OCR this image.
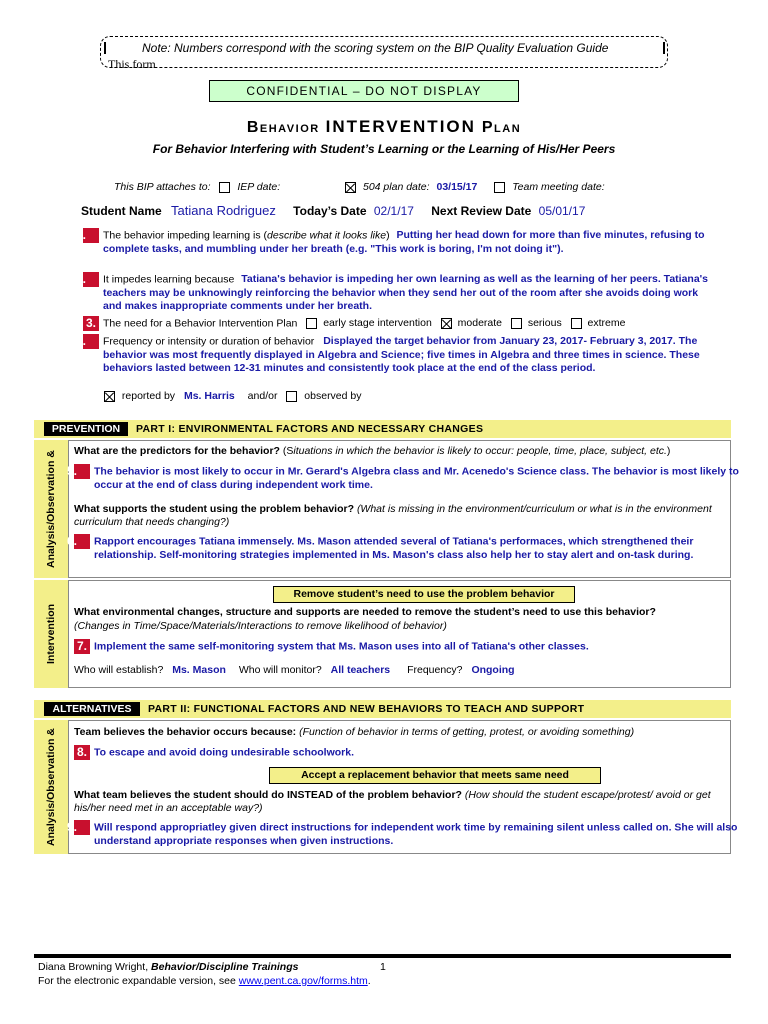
Note: Numbers correspond with the scoring system on the BIP Quality Evaluation Guide
This form
CONFIDENTIAL – DO NOT DISPLAY
BEHAVIOR INTERVENTION PLAN
For Behavior Interfering with Student’s Learning or the Learning of His/Her Peers
This BIP attaches to:	IEP date:	504 plan date: 03/15/17	Team meeting date:
Student Name Tatiana Rodriguez Today’s Date 02/1/17 Next Review Date 05/01/17
1. The behavior impeding learning is (describe what it looks like) Putting her head down for more than five minutes, refusing to complete tasks, and mumbling under her breath (e.g. "This work is boring, I'm not doing it").
2. It impedes learning because Tatiana's behavior is impeding her own learning as well as the learning of her peers. Tatiana's teachers may be unknowingly reinforcing the behavior when they send her out of the room after she avoids doing work and makes inappropriate comments under her breath.
3. The need for a Behavior Intervention Plan early stage intervention moderate serious extreme
4. Frequency or intensity or duration of behavior Displayed the target behavior from January 23, 2017- February 3, 2017. The behavior was most frequently displayed in Algebra and Science; five times in Algebra and three times in science. These behaviors lasted between 12-31 minutes and consistently took place at the end of the class period.
reported by Ms. Harris and/or	observed by
PREVENTION	PART I: ENVIRONMENTAL FACTORS AND NECESSARY CHANGES
Analysis/Observation &	What are the predictors for the behavior? (Situations in which the behavior is likely to occur: people, time, place, subject, etc.)
5. The behavior is most likely to occur in Mr. Gerard's Algebra class and Mr. Acenedo's Science class. The behavior is most likely to occur at the end of class during independent work time.
What supports the student using the problem behavior? (What is missing in the environment/curriculum or what is in the environment curriculum that needs changing?)
6. Rapport encourages Tatiana immensely. Ms. Mason attended several of Tatiana's performaces, which strengthened their relationship. Self-monitoring strategies implemented in Ms. Mason's class also help her to stay alert and on-task during.
Intervention
Remove student’s need to use the problem behavior
What environmental changes, structure and supports are needed to remove the student’s need to use this behavior?
(Changes in Time/Space/Materials/Interactions to remove likelihood of behavior)
7. Implement the same self-monitoring system that Ms. Mason uses into all of Tatiana's other classes.
Who will establish? Ms. Mason Who will monitor? All teachers Frequency? Ongoing
ALTERNATIVES	PART II: FUNCTIONAL FACTORS AND NEW BEHAVIORS TO TEACH AND SUPPORT
Analysis/Observation &	Team believes the behavior occurs because: (Function of behavior in terms of getting, protest, or avoiding something)
8. To escape and avoid doing undesirable schoolwork.
Accept a replacement behavior that meets same need
What team believes the student should do INSTEAD of the problem behavior? (How should the student escape/protest/ avoid or get his/her need met in an acceptable way?)
9. Will respond appropriatley given direct instructions for independent work time by remaining silent unless called on. She will also understand appropriate responses when given instructions.
Diana Browning Wright, Behavior/Discipline Trainings	1
For the electronic expandable version, see www.pent.ca.gov/forms.htm.
